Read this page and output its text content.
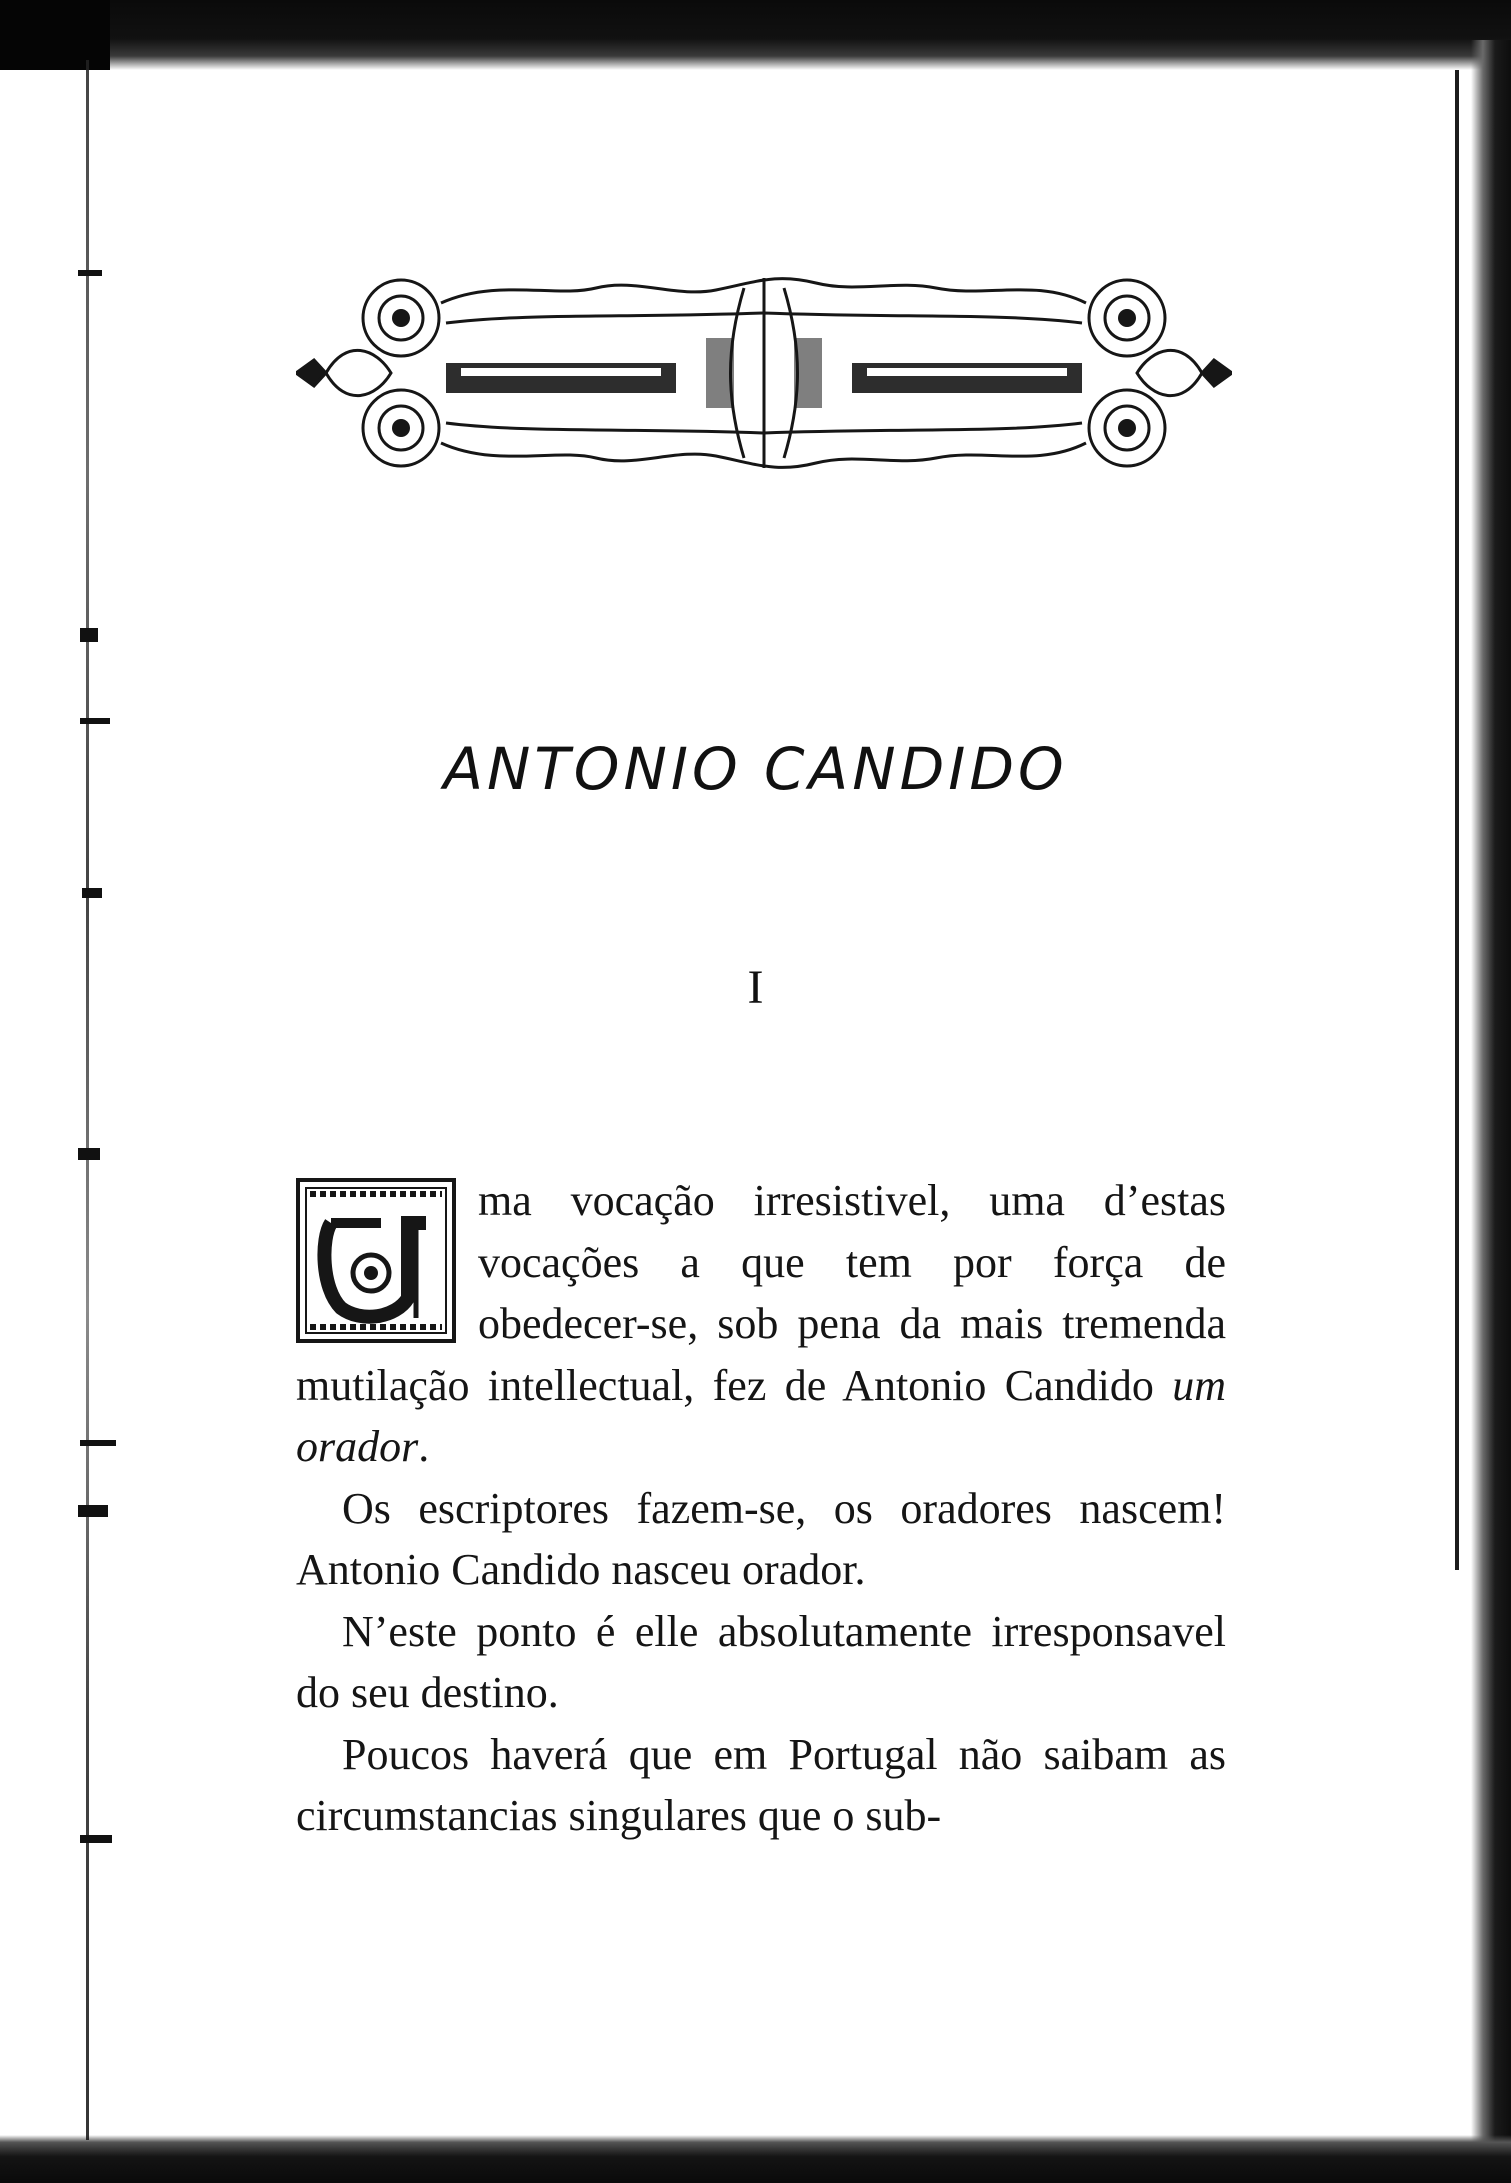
ANTONIO CANDIDO
I

ma vocação irresistivel, uma d’estas vocações a que tem por força de obedecer-se, sob pena da mais tremenda mutilação intellectual, fez de Antonio Candido um orador.

Os escriptores fazem-se, os oradores nascem! Antonio Candido nasceu orador.

N’este ponto é elle absolutamente irresponsavel do seu destino.

Poucos haverá que em Portugal não saibam as circumstancias singulares que o sub-
